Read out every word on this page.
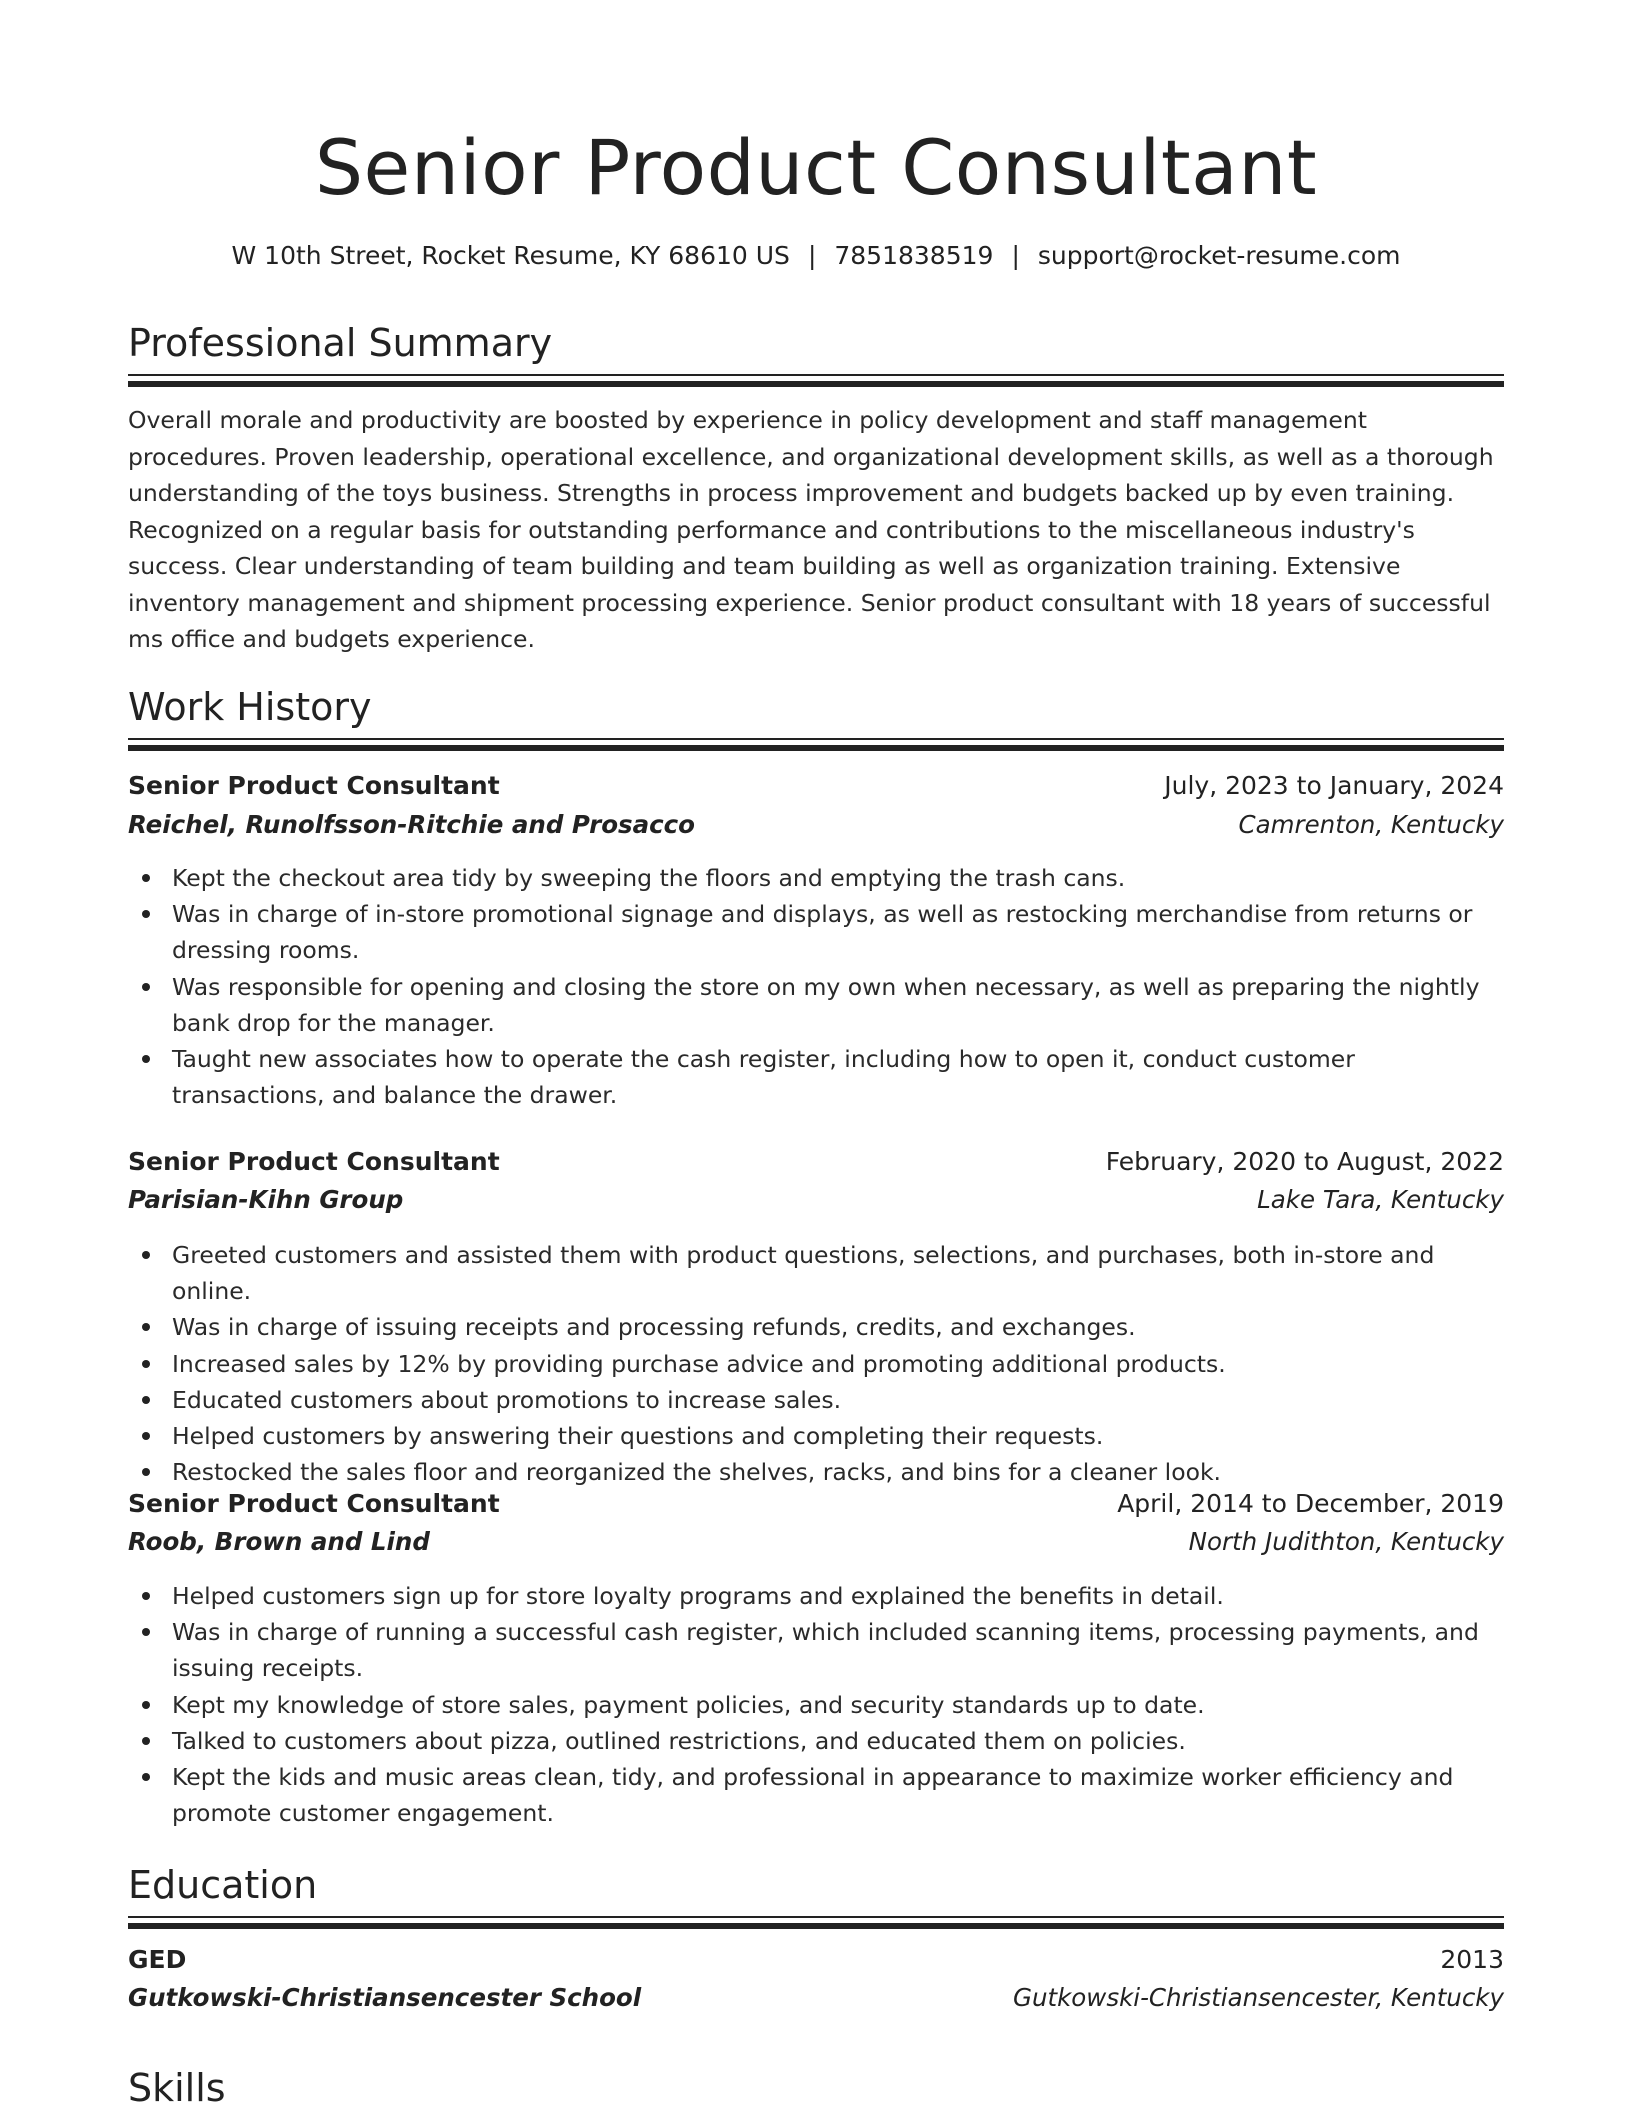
Senior Product Consultant
W 10th Street, Rocket Resume, KY 68610 US | 7851838519 | support@rocket-resume.com
Professional Summary
Overall morale and productivity are boosted by experience in policy development and staff management procedures. Proven leadership, operational excellence, and organizational development skills, as well as a thorough understanding of the toys business. Strengths in process improvement and budgets backed up by even training. Recognized on a regular basis for outstanding performance and contributions to the miscellaneous industry's success. Clear understanding of team building and team building as well as organization training. Extensive inventory management and shipment processing experience. Senior product consultant with 18 years of successful ms office and budgets experience.
Work History
Senior Product Consultant	July, 2023 to January, 2024
Reichel, Runolfsson-Ritchie and Prosacco	Camrenton, Kentucky
Kept the checkout area tidy by sweeping the floors and emptying the trash cans.
Was in charge of in-store promotional signage and displays, as well as restocking merchandise from returns or dressing rooms.
Was responsible for opening and closing the store on my own when necessary, as well as preparing the nightly bank drop for the manager.
Taught new associates how to operate the cash register, including how to open it, conduct customer transactions, and balance the drawer.
Senior Product Consultant	February, 2020 to August, 2022
Parisian-Kihn Group	Lake Tara, Kentucky
Greeted customers and assisted them with product questions, selections, and purchases, both in-store and online.
Was in charge of issuing receipts and processing refunds, credits, and exchanges.
Increased sales by 12% by providing purchase advice and promoting additional products.
Educated customers about promotions to increase sales.
Helped customers by answering their questions and completing their requests.
Restocked the sales floor and reorganized the shelves, racks, and bins for a cleaner look.
Senior Product Consultant	April, 2014 to December, 2019
Roob, Brown and Lind	North Judithton, Kentucky
Helped customers sign up for store loyalty programs and explained the benefits in detail.
Was in charge of running a successful cash register, which included scanning items, processing payments, and issuing receipts.
Kept my knowledge of store sales, payment policies, and security standards up to date.
Talked to customers about pizza, outlined restrictions, and educated them on policies.
Kept the kids and music areas clean, tidy, and professional in appearance to maximize worker efficiency and promote customer engagement.
Education
GED	2013
Gutkowski-Christiansencester School	Gutkowski-Christiansencester, Kentucky
Skills
